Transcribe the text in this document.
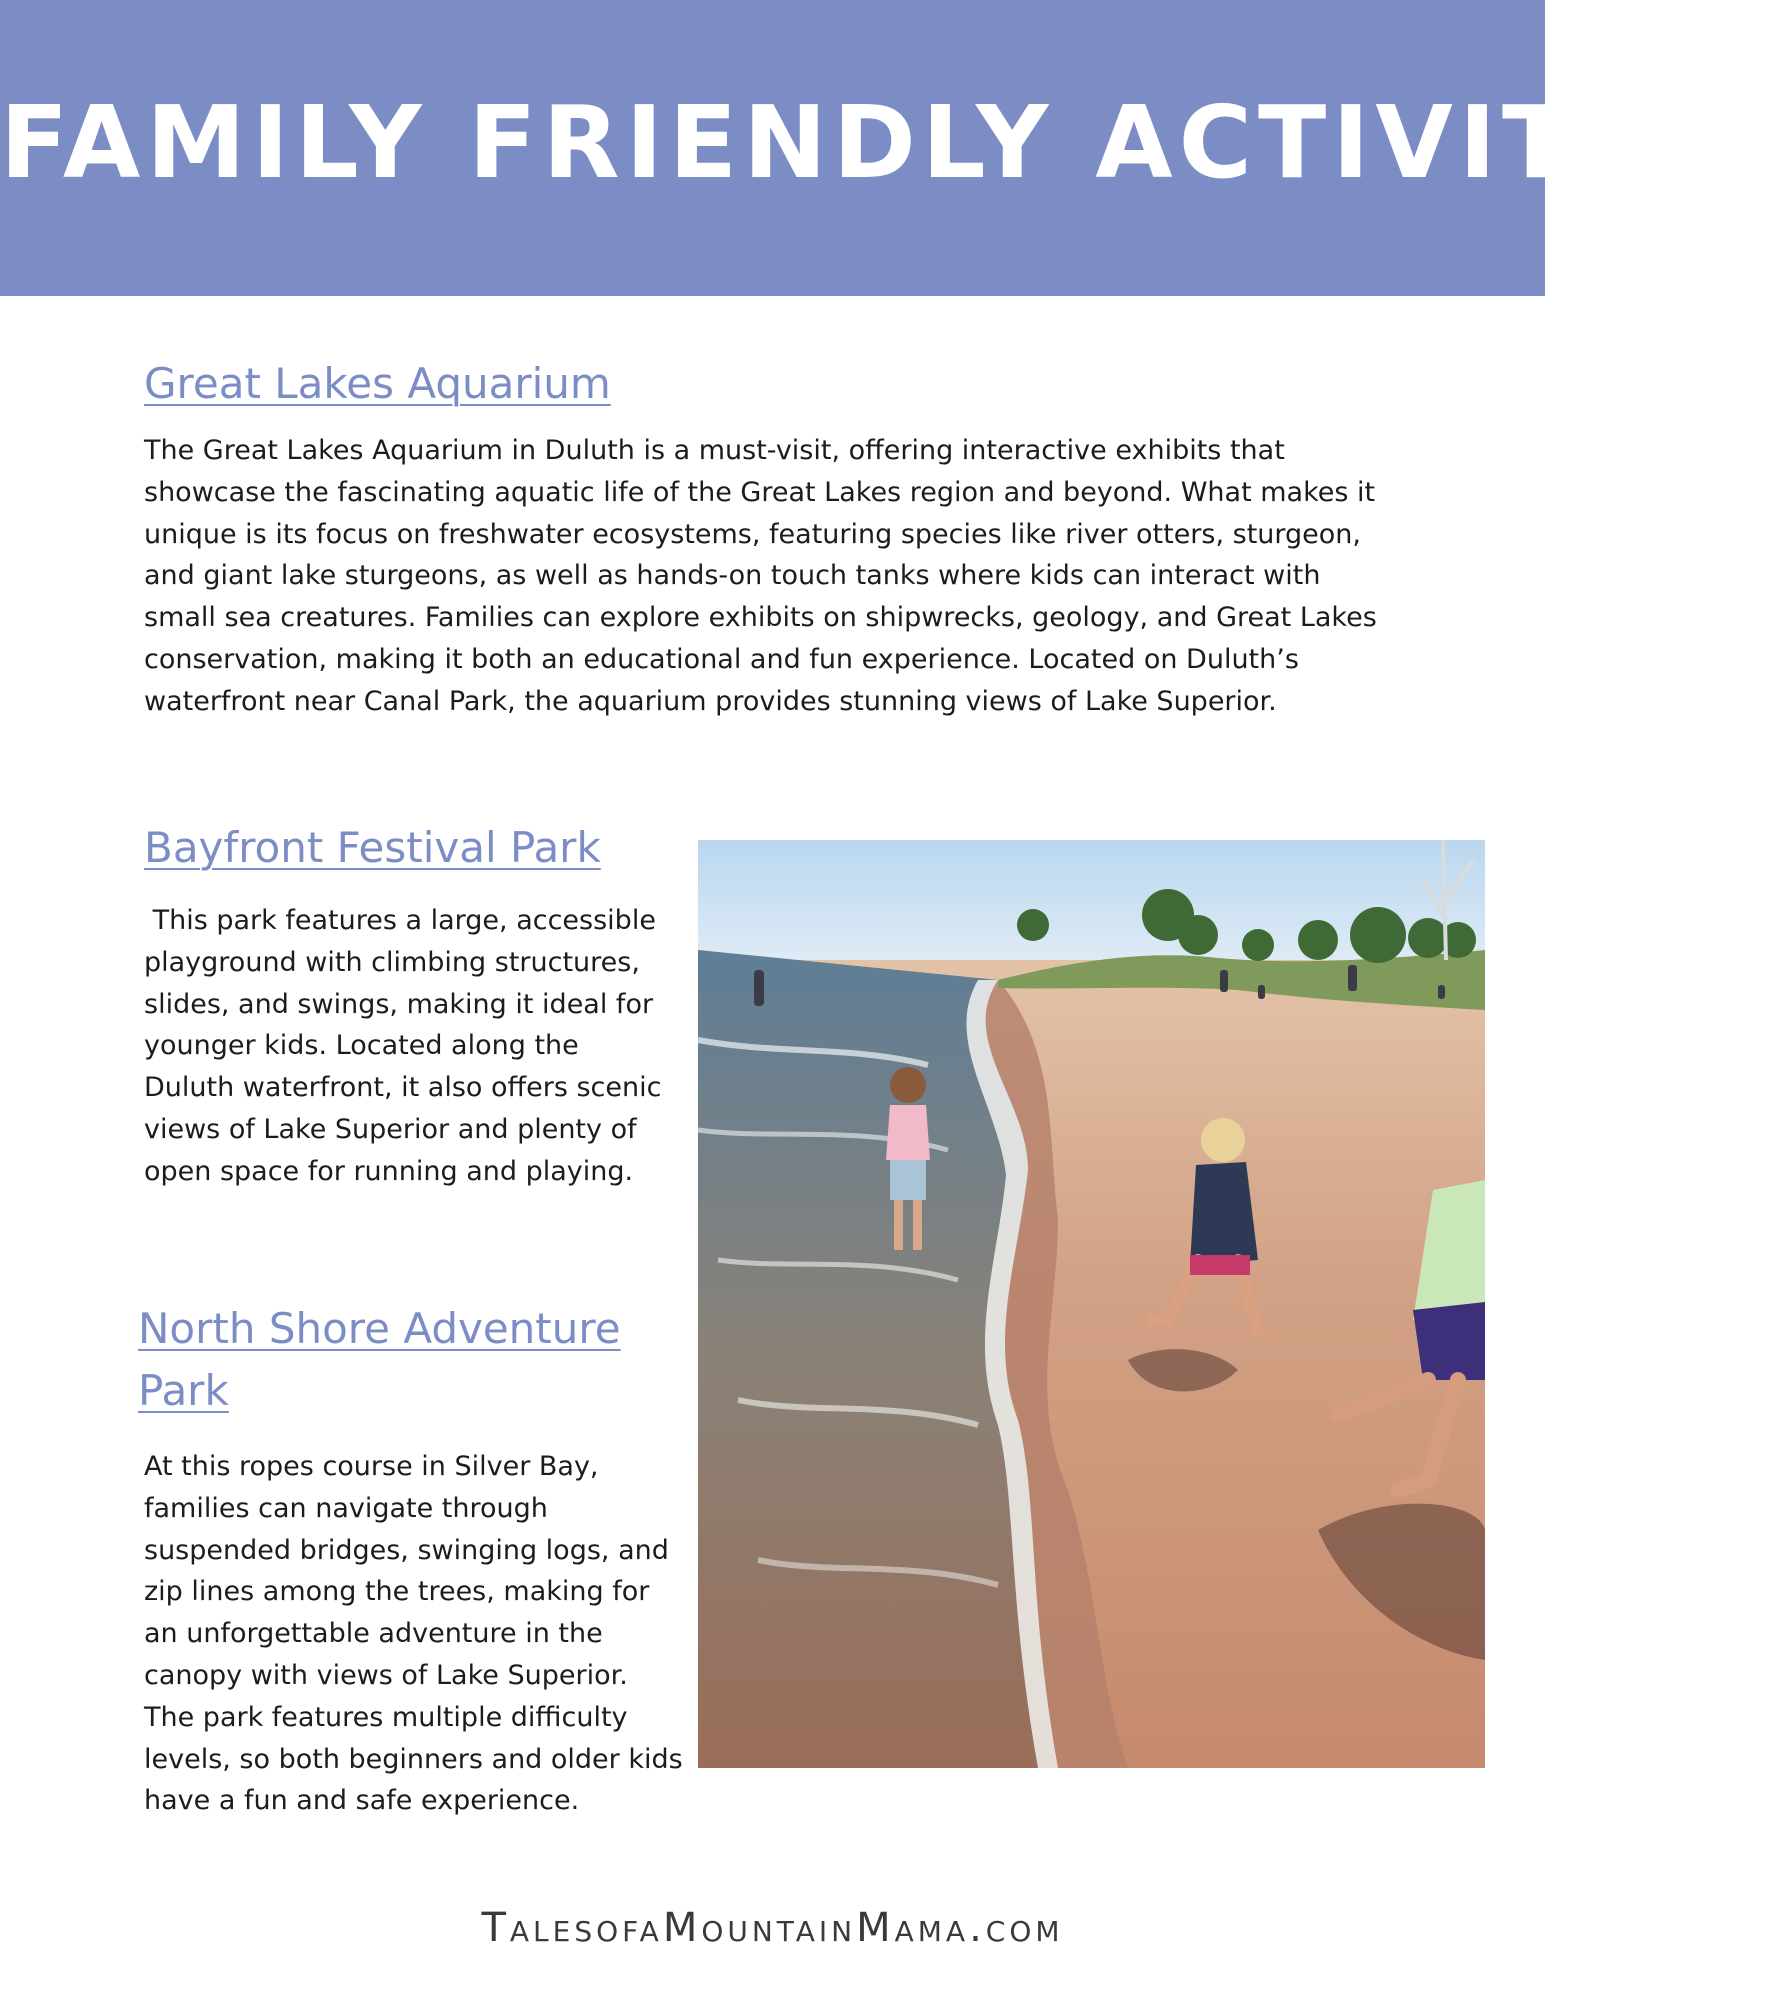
FAMILY FRIENDLY ACTIVITIES
Great Lakes Aquarium

The Great Lakes Aquarium in Duluth is a must-visit, offering interactive exhibits that showcase the fascinating aquatic life of the Great Lakes region and beyond. What makes it unique is its focus on freshwater ecosystems, featuring species like river otters, sturgeon, and giant lake sturgeons, as well as hands-on touch tanks where kids can interact with small sea creatures. Families can explore exhibits on shipwrecks, geology, and Great Lakes conservation, making it both an educational and fun experience. Located on Duluth’s waterfront near Canal Park, the aquarium provides stunning views of Lake Superior.

Bayfront Festival Park

This park features a large, accessible playground with climbing structures, slides, and swings, making it ideal for younger kids. Located along the Duluth waterfront, it also offers scenic views of Lake Superior and plenty of open space for running and playing.

North Shore Adventure Park

At this ropes course in Silver Bay, families can navigate through suspended bridges, swinging logs, and zip lines among the trees, making for an unforgettable adventure in the canopy with views of Lake Superior. The park features multiple difficulty levels, so both beginners and older kids have a fun and safe experience.

TalesofaMountainMama.com
